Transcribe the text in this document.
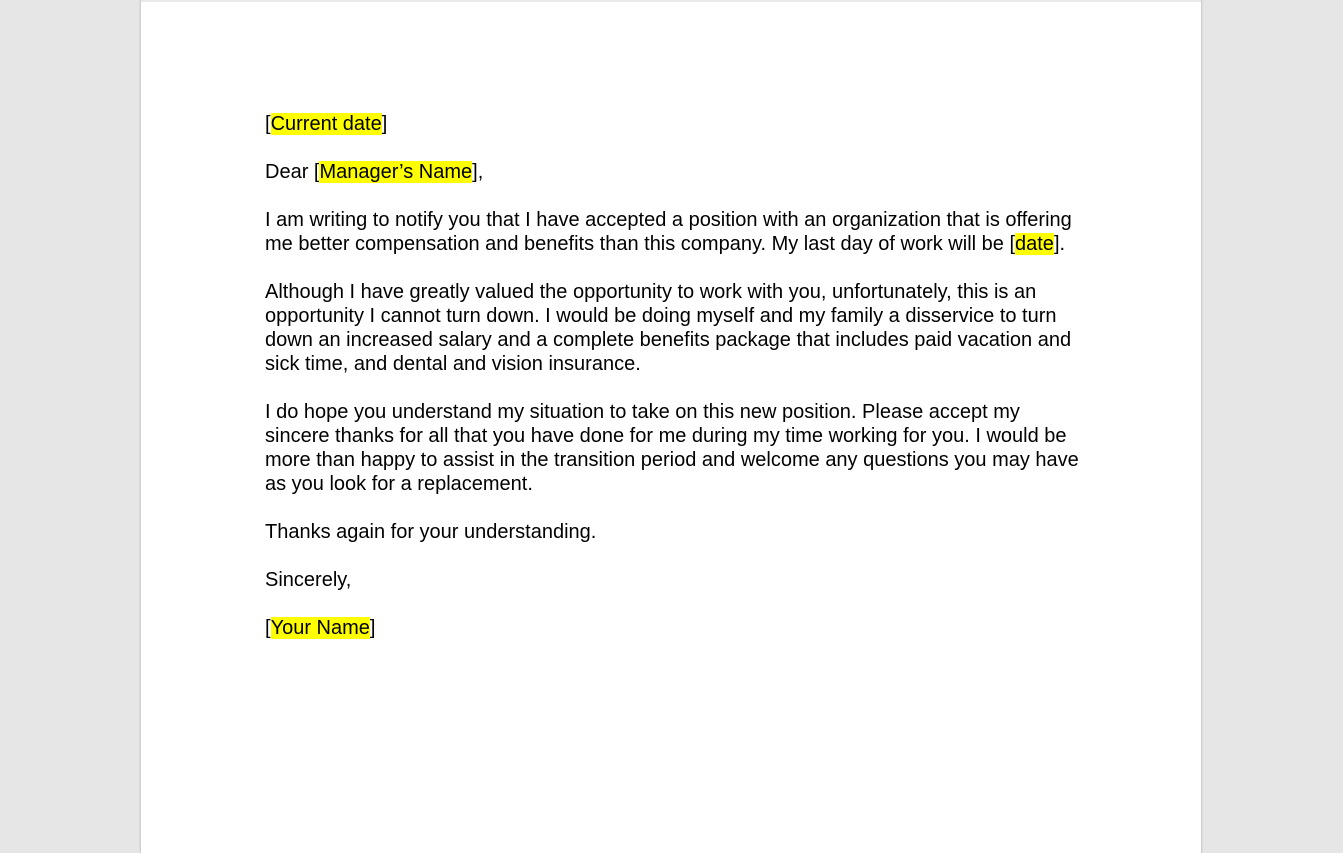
[Current date]

Dear [Manager’s Name],

I am writing to notify you that I have accepted a position with an organization that is offering me better compensation and benefits than this company. My last day of work will be [date].

Although I have greatly valued the opportunity to work with you, unfortunately, this is an opportunity I cannot turn down. I would be doing myself and my family a disservice to turn down an increased salary and a complete benefits package that includes paid vacation and sick time, and dental and vision insurance.

I do hope you understand my situation to take on this new position. Please accept my sincere thanks for all that you have done for me during my time working for you. I would be more than happy to assist in the transition period and welcome any questions you may have as you look for a replacement.

Thanks again for your understanding.

Sincerely,

[Your Name]
